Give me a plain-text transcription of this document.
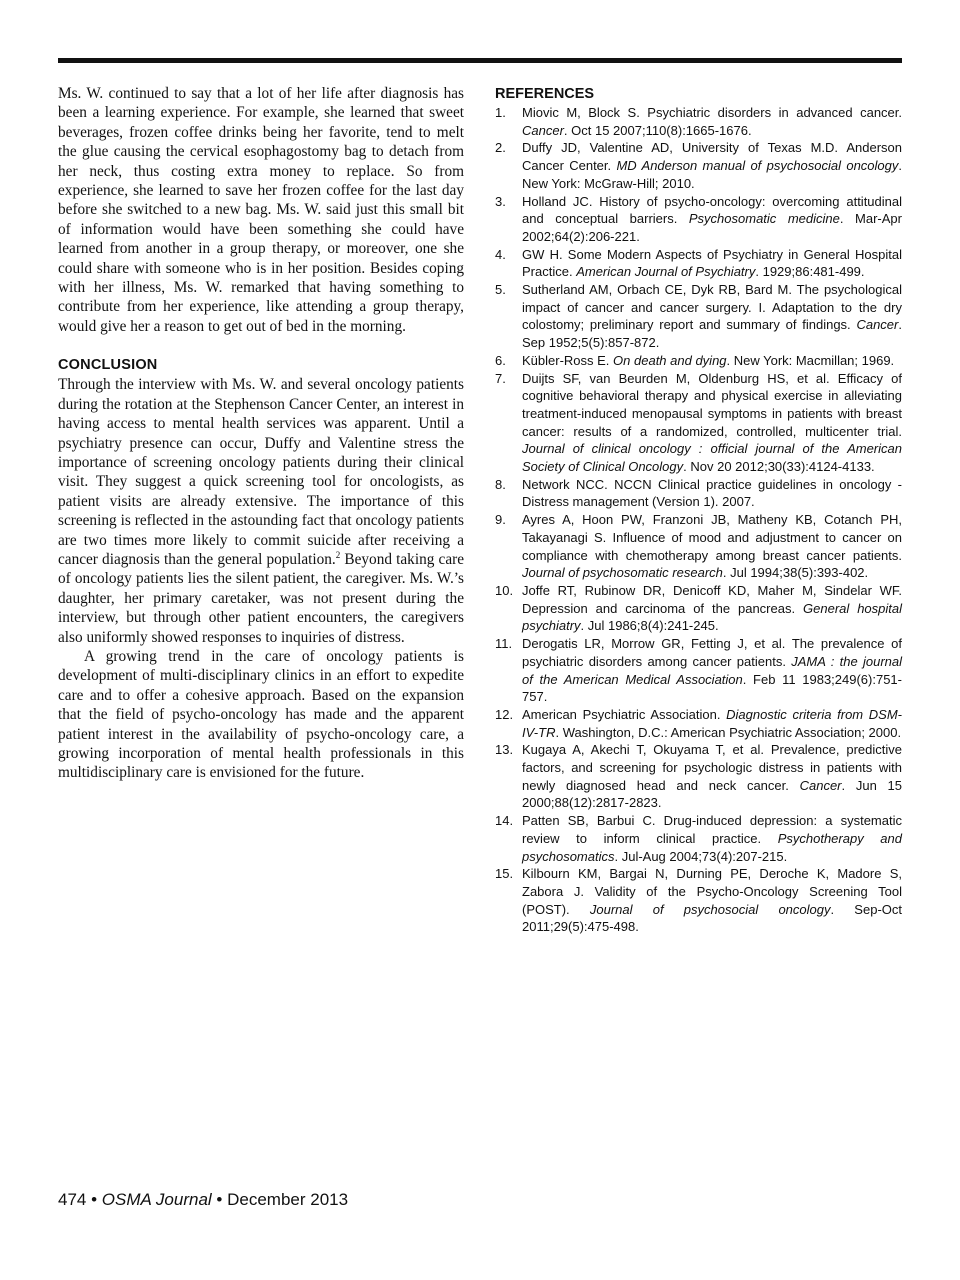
Ms. W. continued to say that a lot of her life after diagnosis has been a learning experience. For example, she learned that sweet beverages, frozen coffee drinks being her favorite, tend to melt the glue causing the cervical esophagostomy bag to detach from her neck, thus costing extra money to replace. So from experience, she learned to save her frozen coffee for the last day before she switched to a new bag. Ms. W. said just this small bit of information would have been something she could have learned from another in a group therapy, or moreover, one she could share with someone who is in her position. Besides coping with her illness, Ms. W. remarked that having something to contribute from her experience, like attending a group therapy, would give her a reason to get out of bed in the morning.

CONCLUSION

Through the interview with Ms. W. and several oncology patients during the rotation at the Stephenson Cancer Center, an interest in having access to mental health services was apparent. Until a psychiatry presence can occur, Duffy and Valentine stress the importance of screening oncology patients during their clinical visit. They suggest a quick screening tool for oncologists, as patient visits are already extensive. The importance of this screening is reflected in the astounding fact that oncology patients are two times more likely to commit suicide after receiving a cancer diagnosis than the general population.$^2$ Beyond taking care of oncology patients lies the silent patient, the caregiver. Ms. W.’s daughter, her primary caretaker, was not present during the interview, but through other patient encounters, the caregivers also uniformly showed responses to inquiries of distress.

A growing trend in the care of oncology patients is development of multi-disciplinary clinics in an effort to expedite care and to offer a cohesive approach. Based on the expansion that the field of psycho-oncology has made and the apparent patient interest in the availability of psycho-oncology care, a growing incorporation of mental health professionals in this multidisciplinary care is envisioned for the future.

REFERENCES
1.	Miovic M, Block S. Psychiatric disorders in advanced cancer. Cancer. Oct 15 2007;110(8):1665-1676.
2.	Duffy JD, Valentine AD, University of Texas M.D. Anderson Cancer Center. MD Anderson manual of psychosocial oncology. New York: McGraw-Hill; 2010.
3.	Holland JC. History of psycho-oncology: overcoming attitudinal and conceptual barriers. Psychosomatic medicine. Mar-Apr 2002;64(2):206-221.
4.	GW H. Some Modern Aspects of Psychiatry in General Hospital Practice. American Journal of Psychiatry. 1929;86:481-499.
5.	Sutherland AM, Orbach CE, Dyk RB, Bard M. The psychological impact of cancer and cancer surgery. I. Adaptation to the dry colostomy; preliminary report and summary of findings. Cancer. Sep 1952;5(5):857-872.
6.	Kübler-Ross E. On death and dying. New York: Macmillan; 1969.
7.	Duijts SF, van Beurden M, Oldenburg HS, et al. Efficacy of cognitive behavioral therapy and physical exercise in alleviating treatment-induced menopausal symptoms in patients with breast cancer: results of a randomized, controlled, multicenter trial. Journal of clinical oncology : official journal of the American Society of Clinical Oncology. Nov 20 2012;30(33):4124-4133.
8.	Network NCC. NCCN Clinical practice guidelines in oncology - Distress management (Version 1). 2007.
9.	Ayres A, Hoon PW, Franzoni JB, Matheny KB, Cotanch PH, Takayanagi S. Influence of mood and adjustment to cancer on compliance with chemotherapy among breast cancer patients. Journal of psychosomatic research. Jul 1994;38(5):393-402.
10. Joffe RT, Rubinow DR, Denicoff KD, Maher M, Sindelar WF. Depression and carcinoma of the pancreas. General hospital psychiatry. Jul 1986;8(4):241-245.
11. Derogatis LR, Morrow GR, Fetting J, et al. The prevalence of psychiatric disorders among cancer patients. JAMA : the journal of the American Medical Association. Feb 11 1983;249(6):751-757.
12. American Psychiatric Association. Diagnostic criteria from DSM-IV-TR. Washington, D.C.: American Psychiatric Association; 2000.
13. Kugaya A, Akechi T, Okuyama T, et al. Prevalence, predictive factors, and screening for psychologic distress in patients with newly diagnosed head and neck cancer. Cancer. Jun 15 2000;88(12):2817-2823.
14. Patten SB, Barbui C. Drug-induced depression: a systematic review to inform clinical practice. Psychotherapy and psychosomatics. Jul-Aug 2004;73(4):207-215.
15. Kilbourn KM, Bargai N, Durning PE, Deroche K, Madore S, Zabora J. Validity of the Psycho-Oncology Screening Tool (POST). Journal of psychosocial oncology. Sep-Oct 2011;29(5):475-498.
474 • OSMA Journal • December 2013
